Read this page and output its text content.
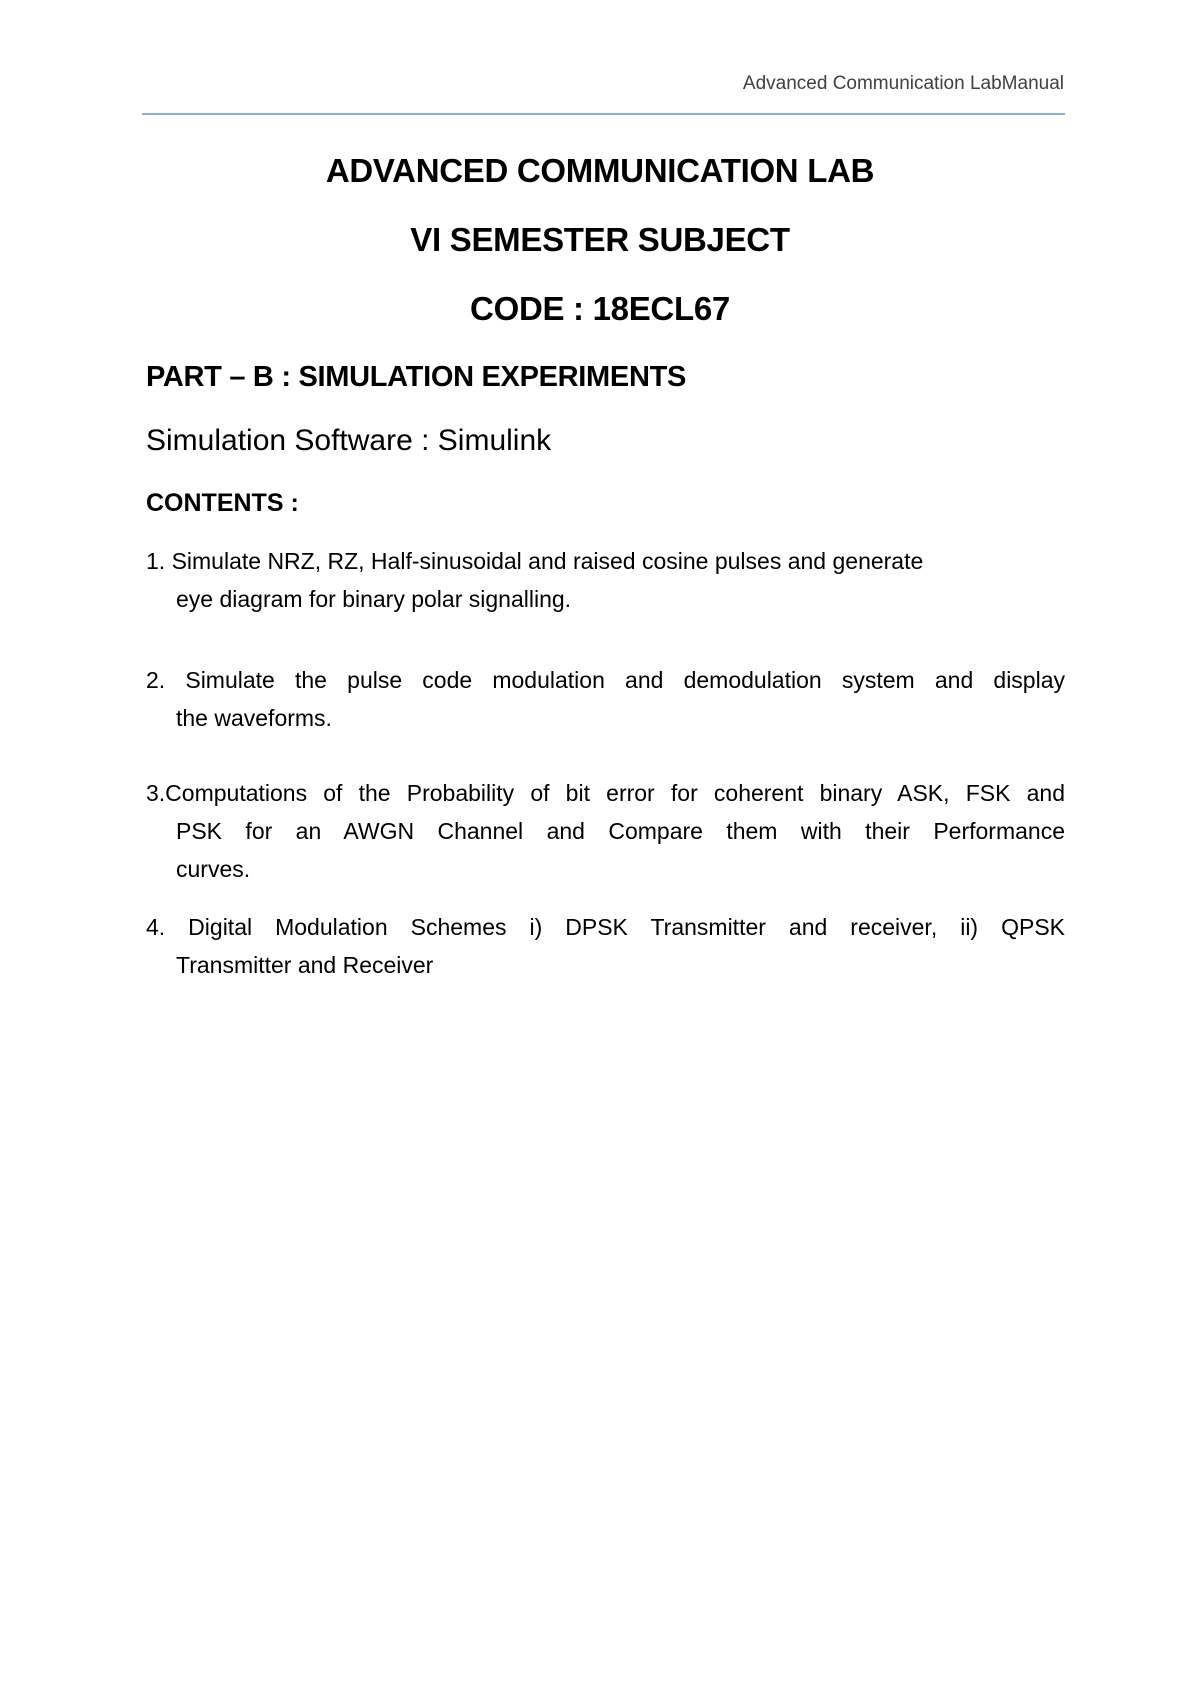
Advanced Communication LabManual
ADVANCED COMMUNICATION LAB
VI SEMESTER SUBJECT
CODE : 18ECL67
PART – B : SIMULATION EXPERIMENTS
Simulation Software : Simulink
CONTENTS :
1. Simulate NRZ, RZ, Half-sinusoidal and raised cosine pulses and generate
eye diagram for binary polar signalling.
2. Simulate the pulse code modulation and demodulation system and display
the waveforms.
3.Computations of the Probability of bit error for coherent binary ASK, FSK and
PSK for an AWGN Channel and Compare them with their Performance
curves.
4. Digital Modulation Schemes i) DPSK Transmitter and receiver, ii) QPSK
Transmitter and Receiver
